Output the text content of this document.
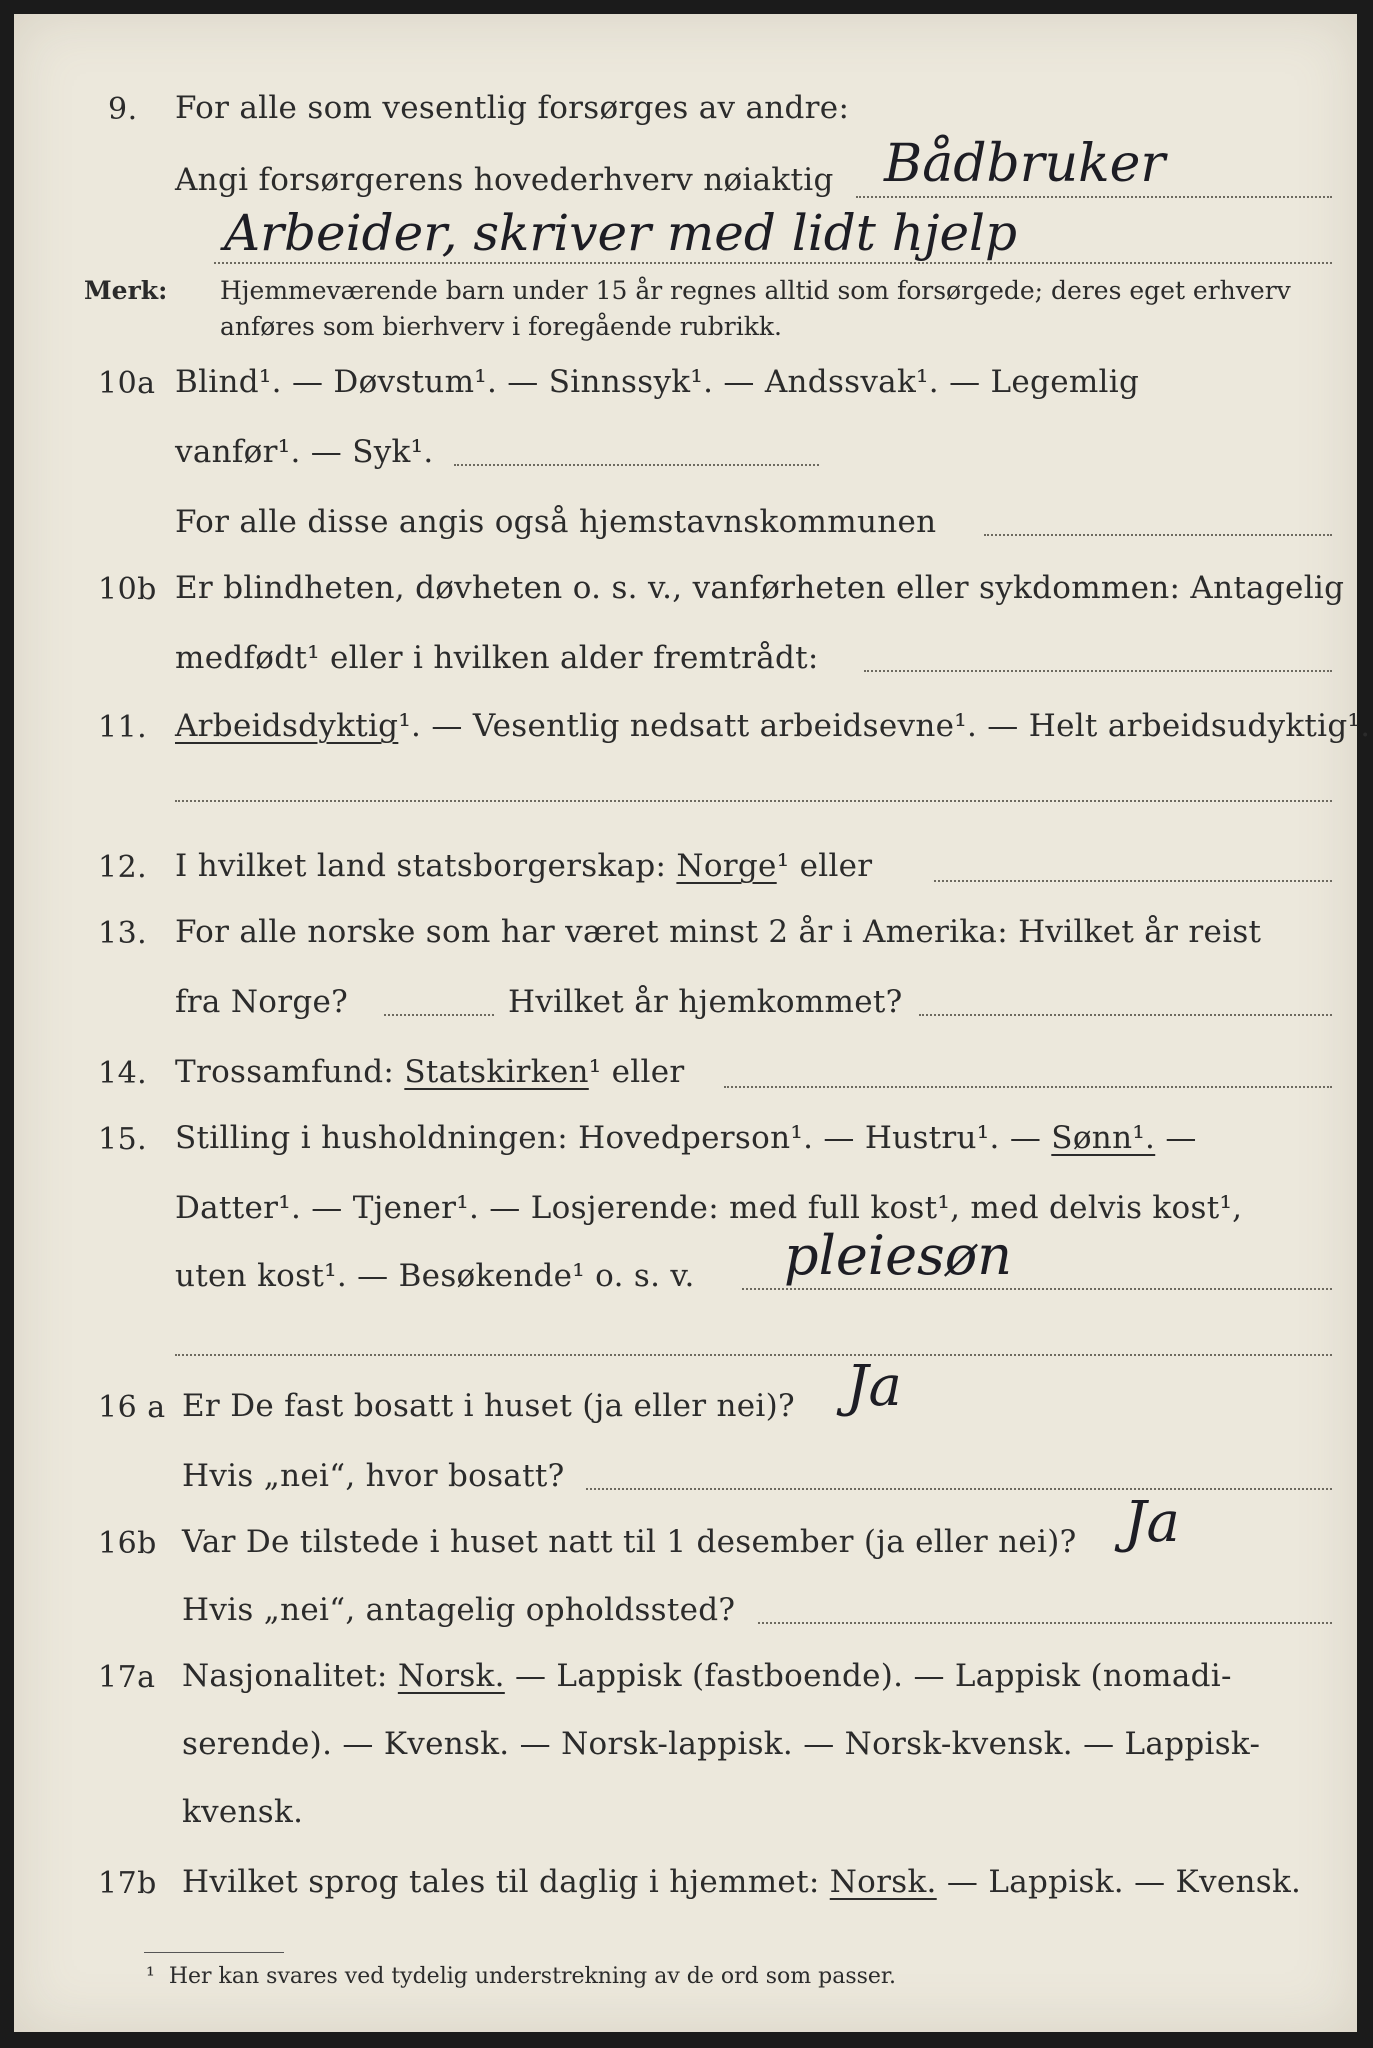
9. For alle som vesentlig forsørges av andre:
Angi forsørgerens hovederhverv nøiaktig Bådbruker
Arbeider, skriver med lidt hjelp
Merk: Hjemmeværende barn under 15 år regnes alltid som forsørgede; deres eget erhverv
anføres som bierhverv i foregående rubrikk.
10a Blind¹. — Døvstum¹. — Sinnssyk¹. — Andssvak¹. — Legemlig
vanfør¹. — Syk¹.
For alle disse angis også hjemstavnskommunen
10b Er blindheten, døvheten o. s. v., vanførheten eller sykdommen: Antagelig
medfødt¹ eller i hvilken alder fremtrådt:
11. Arbeidsdyktig¹. — Vesentlig nedsatt arbeidsevne¹. — Helt arbeidsudyktig¹.
12. I hvilket land statsborgerskap: Norge¹ eller
13. For alle norske som har været minst 2 år i Amerika: Hvilket år reist
fra Norge?	Hvilket år hjemkommet?
14. Trossamfund: Statskirken¹ eller
15. Stilling i husholdningen: Hovedperson¹. — Hustru¹. — Sønn¹. —
Datter¹. — Tjener¹. — Losjerende: med full kost¹, med delvis kost¹,
uten kost¹. — Besøkende¹ o. s. v. pleiesøn
16 a Er De fast bosatt i huset (ja eller nei)? Ja
Hvis „nei“, hvor bosatt?
16b Var De tilstede i huset natt til 1 desember (ja eller nei)? Ja
Hvis „nei“, antagelig opholdssted?
17a Nasjonalitet: Norsk. — Lappisk (fastboende). — Lappisk (nomadi-
serende). — Kvensk. — Norsk-lappisk. — Norsk-kvensk. — Lappisk-
kvensk.
17b Hvilket sprog tales til daglig i hjemmet: Norsk. — Lappisk. — Kvensk.
¹ Her kan svares ved tydelig understrekning av de ord som passer.
